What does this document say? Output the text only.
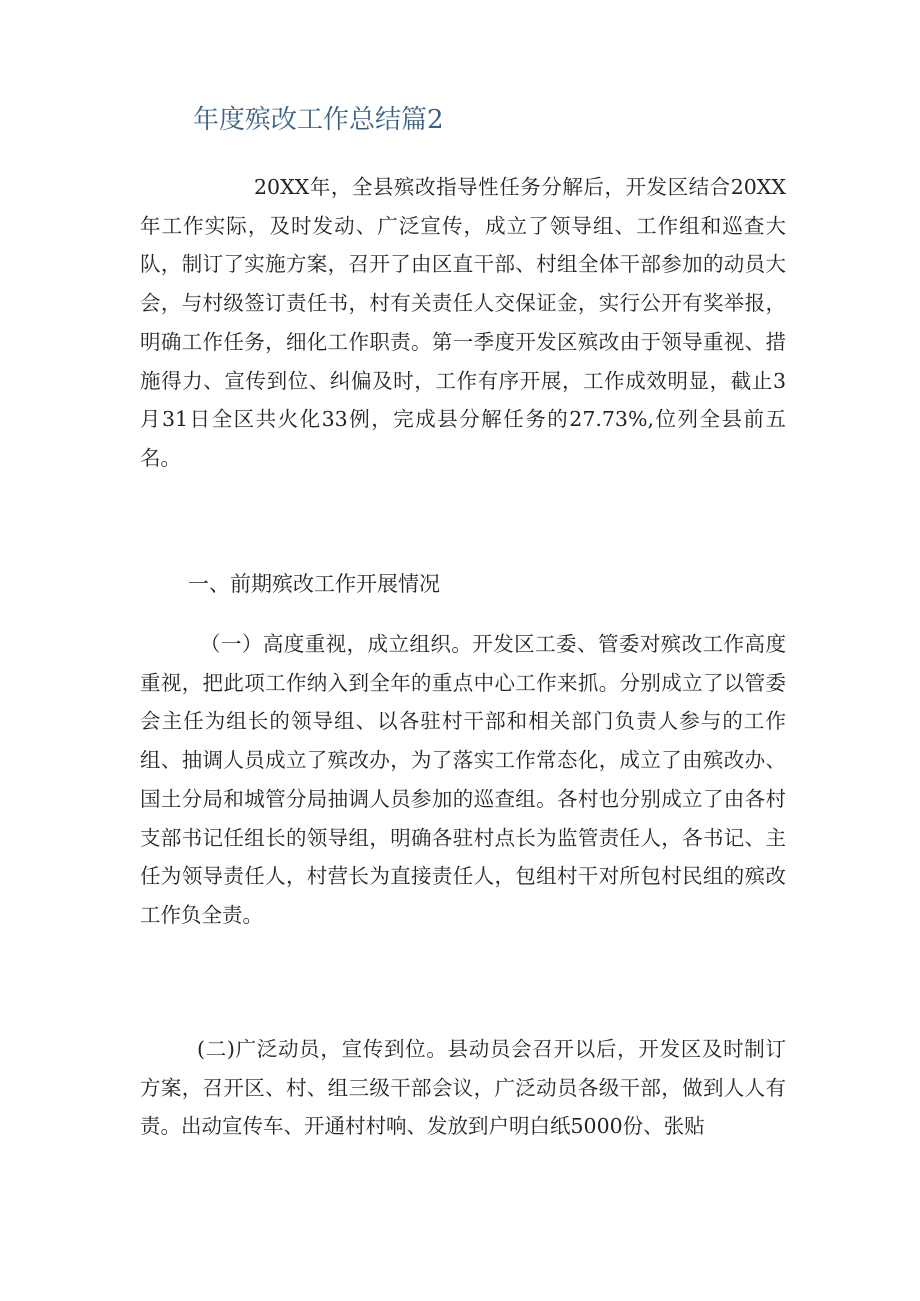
年度殡改工作总结篇2

20XX年，全县殡改指导性任务分解后，开发区结合20XX年工作实际，及时发动、广泛宣传，成立了领导组、工作组和巡查大队，制订了实施方案，召开了由区直干部、村组全体干部参加的动员大会，与村级签订责任书，村有关责任人交保证金，实行公开有奖举报，明确工作任务，细化工作职责。第一季度开发区殡改由于领导重视、措施得力、宣传到位、纠偏及时，工作有序开展，工作成效明显，截止3月31日全区共火化33例，完成县分解任务的27.73%,位列全县前五名。

一、前期殡改工作开展情况

（一）高度重视，成立组织。开发区工委、管委对殡改工作高度重视，把此项工作纳入到全年的重点中心工作来抓。分别成立了以管委会主任为组长的领导组、以各驻村干部和相关部门负责人参与的工作组、抽调人员成立了殡改办，为了落实工作常态化，成立了由殡改办、国土分局和城管分局抽调人员参加的巡查组。各村也分别成立了由各村支部书记任组长的领导组，明确各驻村点长为监管责任人，各书记、主任为领导责任人，村营长为直接责任人，包组村干对所包村民组的殡改工作负全责。

(二)广泛动员，宣传到位。县动员会召开以后，开发区及时制订方案，召开区、村、组三级干部会议，广泛动员各级干部，做到人人有责。出动宣传车、开通村村响、发放到户明白纸5000份、张贴
